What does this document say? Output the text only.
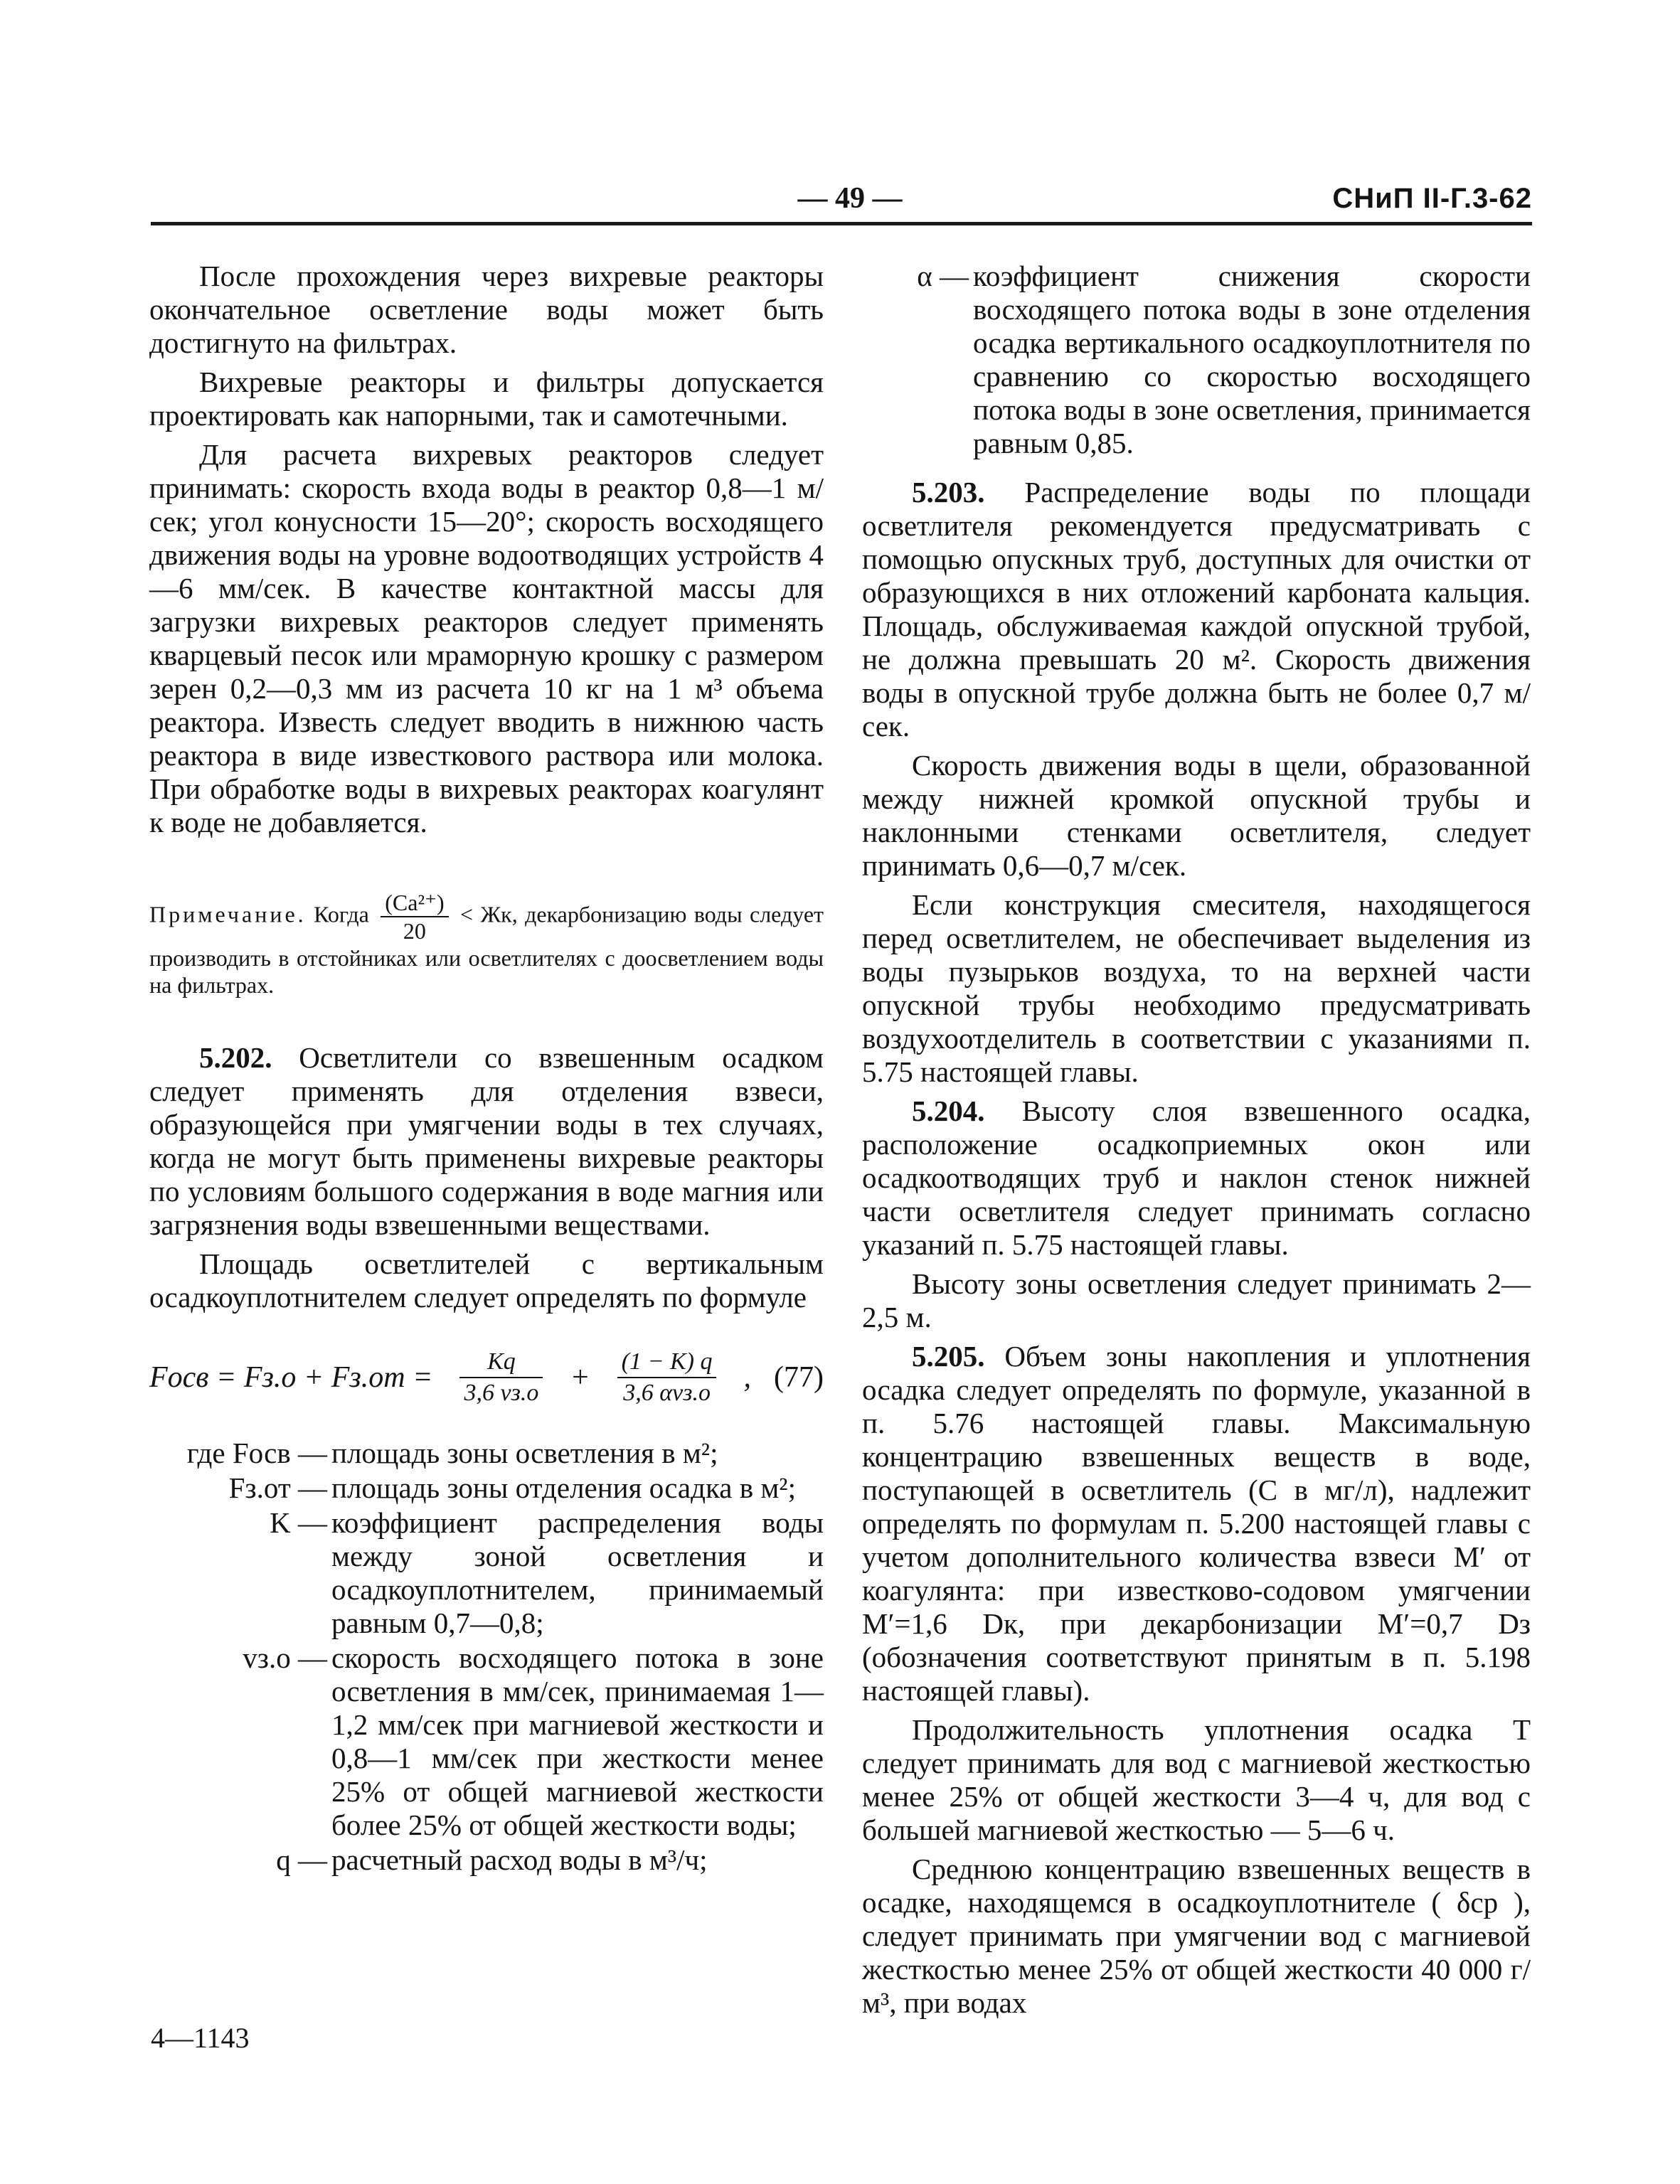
— 49 —	СНиП II-Г.3-62

После прохождения через вихревые реакторы окончательное осветление воды может быть достигнуто на фильтрах.

Вихревые реакторы и фильтры допускается проектировать как напорными, так и самотечными.

Для расчета вихревых реакторов следует принимать: скорость входа воды в реактор 0,8—1 м/сек; угол конусности 15—20°; скорость восходящего движения воды на уровне водоотводящих устройств 4—6 мм/сек. В качестве контактной массы для загрузки вихревых реакторов следует применять кварцевый песок или мраморную крошку с размером зерен 0,2—0,3 мм из расчета 10 кг на 1 м³ объема реактора. Известь следует вводить в нижнюю часть реактора в виде известкового раствора или молока. При обработке воды в вихревых реакторах коагулянт к воде не добавляется.

Примечание. Когда $\frac{\text{(Ca²⁺)}}{20}$ < Жк, декарбонизацию воды следует производить в отстойниках или осветлителях с доосветлением воды на фильтрах.

5.202. Осветлители со взвешенным осадком следует применять для отделения взвеси, образующейся при умягчении воды в тех случаях, когда не могут быть применены вихревые реакторы по условиям большого содержания в воде магния или загрязнения воды взвешенными веществами.

Площадь осветлителей с вертикальным осадкоуплотнителем следует определять по формуле

Fосв = $Fз.о + Fз.от = \frac{Kq}{3,6 vз.о} + \frac{(1 - K) q}{\text{3,6 αvз.о}}$ , (77)
где Fосв — площадь зоны осветления в м²;
Fз.от — площадь зоны отделения осадка в м²;
K — коэффициент распределения воды между зоной осветления и осадкоуплотнителем, принимаемый равным 0,7—0,8;
vз.о — скорость восходящего потока в зоне осветления в мм/сек, принимаемая 1—1,2 мм/сек при магниевой жесткости и 0,8—1 мм/сек при жесткости менее 25% от общей магниевой жесткости более 25% от общей жесткости воды;
q — расчетный расход воды в м³/ч;
α — коэффициент снижения скорости восходящего потока воды в зоне отделения осадка вертикального осадкоуплотнителя по сравнению со скоростью восходящего потока воды в зоне осветления, принимается равным 0,85.

5.203. Распределение воды по площади осветлителя рекомендуется предусматривать с помощью опускных труб, доступных для очистки от образующихся в них отложений карбоната кальция. Площадь, обслуживаемая каждой опускной трубой, не должна превышать 20 м². Скорость движения воды в опускной трубе должна быть не более 0,7 м/сек.

Скорость движения воды в щели, образованной между нижней кромкой опускной трубы и наклонными стенками осветлителя, следует принимать 0,6—0,7 м/сек.

Если конструкция смесителя, находящегося перед осветлителем, не обеспечивает выделения из воды пузырьков воздуха, то на верхней части опускной трубы необходимо предусматривать воздухоотделитель в соответствии с указаниями п. 5.75 настоящей главы.

5.204. Высоту слоя взвешенного осадка, расположение осадкоприемных окон или осадкоотводящих труб и наклон стенок нижней части осветлителя следует принимать согласно указаний п. 5.75 настоящей главы.

Высоту зоны осветления следует принимать 2—2,5 м.

5.205. Объем зоны накопления и уплотнения осадка следует определять по формуле, указанной в п. 5.76 настоящей главы. Максимальную концентрацию взвешенных веществ в воде, поступающей в осветлитель (C в мг/л), надлежит определять по формулам п. 5.200 настоящей главы с учетом дополнительного количества взвеси M′ от коагулянта: при известково-содовом умягчении M′=1,6 Dк, при декарбонизации M′=0,7 Dз (обозначения соответствуют принятым в п. 5.198 настоящей главы).

Продолжительность уплотнения осадка T следует принимать для вод с магниевой жесткостью менее 25% от общей жесткости 3—4 ч, для вод с большей магниевой жесткостью — 5—6 ч.

Среднюю концентрацию взвешенных веществ в осадке, находящемся в осадкоуплотнителе ( δср ), следует принимать при умягчении вод с магниевой жесткостью менее 25% от общей жесткости 40 000 г/м³, при водах

4—1143
